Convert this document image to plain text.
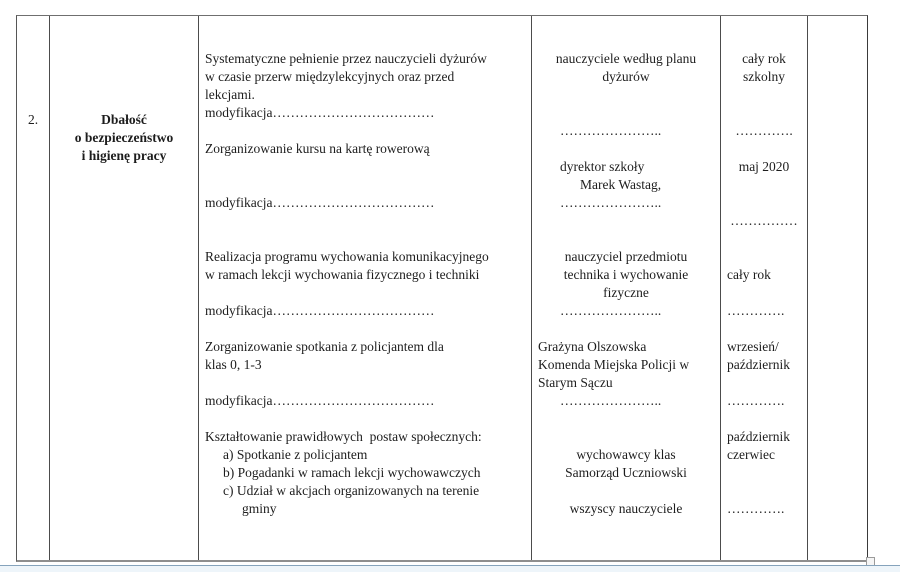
2.	Dbałość
o bezpieczeństwo
i higienę pracy
Systematyczne pełnienie przez nauczycieli dyżurów
w czasie przerw międzylekcyjnych oraz przed
lekcjami.
modyfikacja………………………………

Zorganizowanie kursu na kartę rowerową

modyfikacja………………………………

Realizacja programu wychowania komunikacyjnego
w ramach lekcji wychowania fizycznego i techniki

modyfikacja………………………………

Zorganizowanie spotkania z policjantem dla
klas 0, 1-3

modyfikacja………………………………

Kształtowanie prawidłowych  postaw społecznych:
a) Spotkanie z policjantem
b) Pogadanki w ramach lekcji wychowawczych
c) Udział w akcjach organizowanych na terenie
gminy
nauczyciele według planu
dyżurów

…………………..

dyrektor szkoły
Marek Wastag,
…………………..

nauczyciel przedmiotu
technika i wychowanie
fizyczne
…………………..

Grażyna Olszowska
Komenda Miejska Policji w
Starym Sączu
…………………..

wychowawcy klas
Samorząd Uczniowski

wszyscy nauczyciele
cały rok
szkolny

………….

maj 2020

……………

cały rok

………….

wrzesień/
październik

………….

październik
czerwiec

………….
